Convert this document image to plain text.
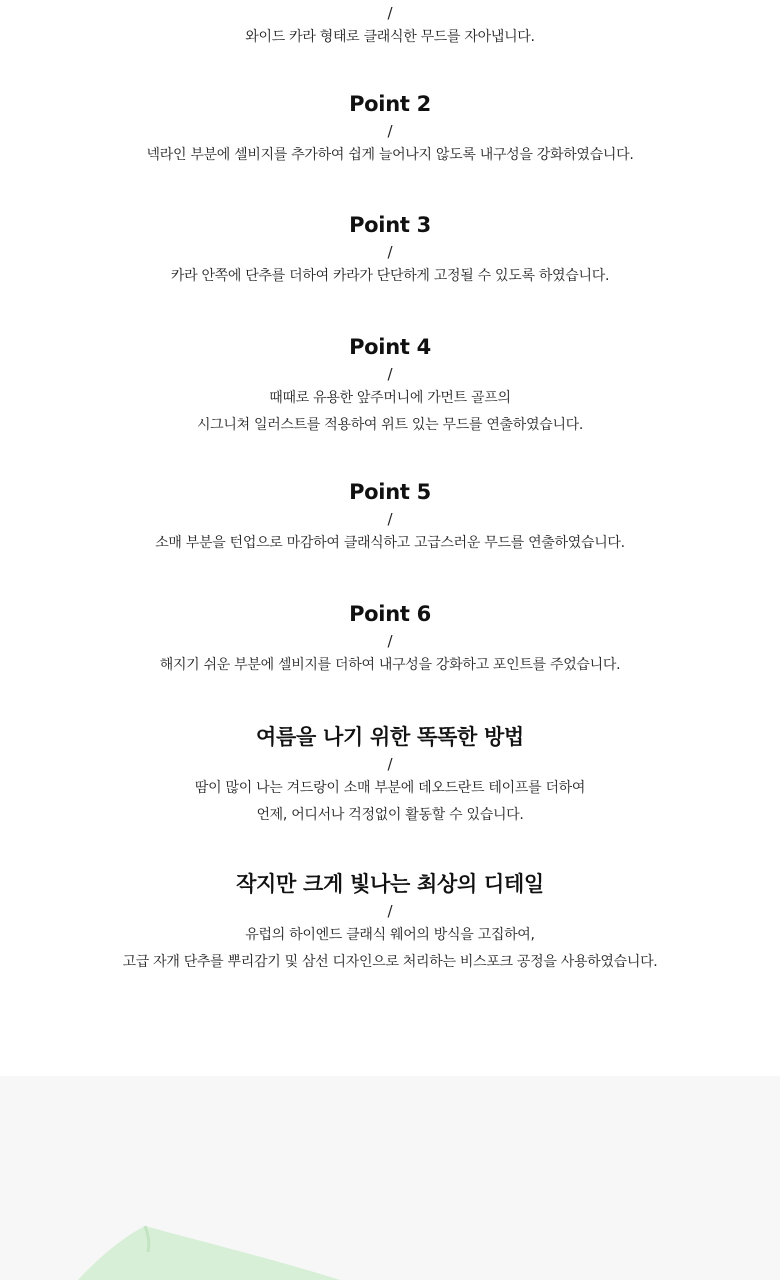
/
와이드 카라 형태로 클래식한 무드를 자아냅니다.
Point 2
/
넥라인 부분에 셀비지를 추가하여 쉽게 늘어나지 않도록 내구성을 강화하였습니다.
Point 3
/
카라 안쪽에 단추를 더하여 카라가 단단하게 고정될 수 있도록 하였습니다.
Point 4
/
때때로 유용한 앞주머니에 가먼트 골프의
시그니쳐 일러스트를 적용하여 위트 있는 무드를 연출하였습니다.
Point 5
/
소매 부분을 턴업으로 마감하여 클래식하고 고급스러운 무드를 연출하였습니다.
Point 6
/
해지기 쉬운 부분에 셀비지를 더하여 내구성을 강화하고 포인트를 주었습니다.
여름을 나기 위한 똑똑한 방법
/
땀이 많이 나는 겨드랑이 소매 부분에 데오드란트 테이프를 더하여
언제, 어디서나 걱정없이 활동할 수 있습니다.
작지만 크게 빛나는 최상의 디테일
/
유럽의 하이엔드 클래식 웨어의 방식을 고집하여,
고급 자개 단추를 뿌리감기 및 삼선 디자인으로 처리하는 비스포크 공정을 사용하였습니다.
